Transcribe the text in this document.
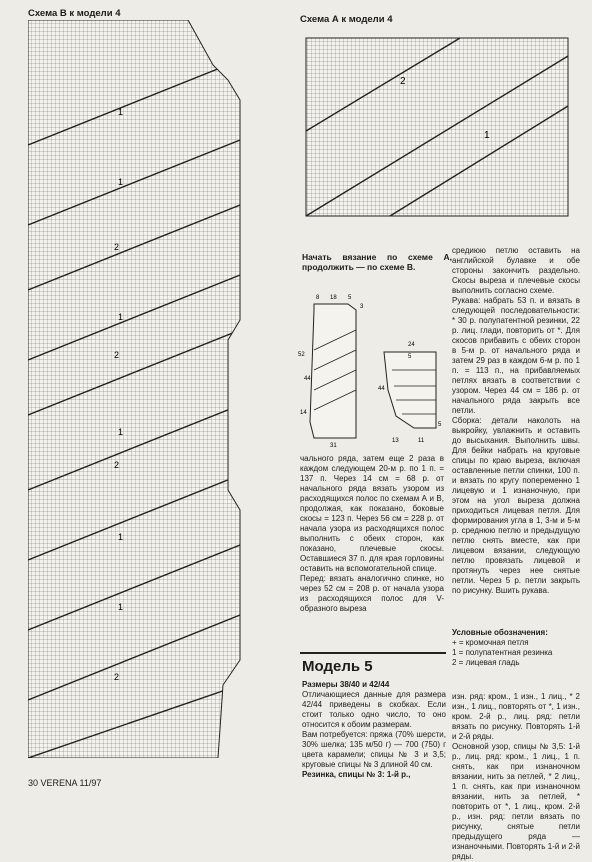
Схема В к модели 4
1
1
2
1
2
1
2
1
1
2
Схема А к модели 4
2
1
Начать вязание по схеме А, продолжить — по схеме В.
8 18 5
3
52
44
14
31
24
5
44
5
13	11

средиюю петлю оставить на английской булавке и обе стороны закончить раздельно. Скосы выреза и плечевые скосы выполнить согласно схеме.

Рукава: набрать 53 п. и вязать в следующей последовательности: * 30 р. полупатентной резинки, 22 р. лиц. глади, повторить от *. Для скосов прибавить с обеих сторон в 5-м р. от начального ряда и затем 29 раз в каждом 6-м р. по 1 п. = 113 п., на прибавляемых петлях вязать в соответствии с узором. Через 44 см = 186 р. от начального ряда закрыть все петли.

Сборка: детали наколоть на выкройку, увлажнить и оставить до высыхания. Выполнить швы. Для бейки набрать на круговые спицы по краю выреза, включая оставленные петли спинки, 100 п. и вязать по кругу попеременно 1 лицевую и 1 изнаночную, при этом на угол выреза должна приходиться лицевая петля. Для формирования угла в 1, 3-м и 5-м р. среднюю петлю и предыдущую петлю снять вместе, как при лицевом вязании, следующую петлю провязать лицевой и протянуть через нее снятые петли. Через 5 р. петли закрыть по рисунку. Вшить рукава.

чального ряда, затем еще 2 раза в каждом следующем 20-м р. по 1 п. = 137 п. Через 14 см = 68 р. от начального ряда вязать узором из расходящихся полос по схемам А и В, продолжая, как показано, боковые скосы = 123 п. Через 56 см = 228 р. от начала узора из расходящихся полос выполнить с обеих сторон, как показано, плечевые скосы. Оставшиеся 37 п. для края горловины оставить на вспомогательной спице.

Перед: вязать аналогично спинке, но через 52 см = 208 р. от начала узора из расходящихся полос для V-образного выреза

Условные обозначения:

+ = кромочная петля

1 = полупатентная резинка

2 = лицевая гладь

Модель 5

Размеры 38/40 и 42/44

Отличающиеся данные для размера 42/44 приведены в скобках. Если стоит только одно число, то оно относится к обоим размерам.

Вам потребуется: пряжа (70% шерсти, 30% шелка; 135 м/50 г) — 700 (750) г цвета карамели; спицы № 3 и 3,5; круговые спицы № 3 длиной 40 см.

Резинка, спицы № 3: 1-й р.,

изн. ряд: кром., 1 изн., 1 лиц., * 2 изн., 1 лиц., повторять от *, 1 изн., кром. 2-й р., лиц. ряд: петли вязать по рисунку. Повторять 1-й и 2-й ряды.

Основной узор, спицы № 3,5: 1-й р., лиц. ряд: кром., 1 лиц., 1 п. снять, как при изнаночном вязании, нить за петлей, * 2 лиц., 1 п. снять, как при изнаночном вязании, нить за петлей, * повторить от *, 1 лиц., кром. 2-й р., изн. ряд: петли вязать по рисунку, снятые петли предыдущего ряда — изнаночными. Повторять 1-й и 2-й ряды.

30 VERENA 11/97
